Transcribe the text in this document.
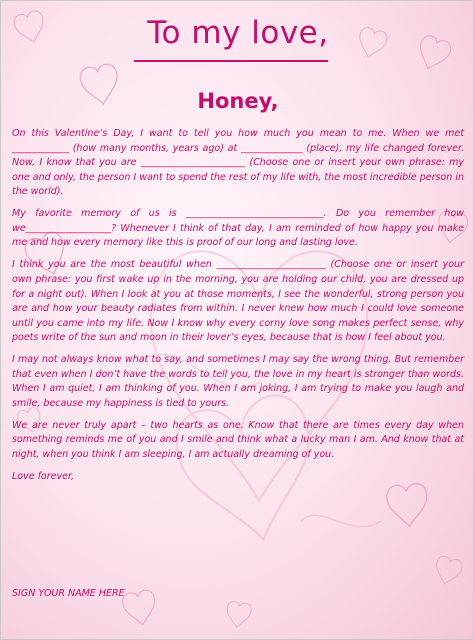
To my love,
Honey,

On this Valentine’s Day, I want to tell you how much you mean to me. When we met ____________ (how many months, years ago) at _____________ (place), my life changed forever. Now, I know that you are ______________________ (Choose one or insert your own phrase: my one and only, the person I want to spend the rest of my life with, the most incredible person in the world).

My favorite memory of us is _____________________________. Do you remember how we__________________? Whenever I think of that day, I am reminded of how happy you make me and how every memory like this is proof of our long and lasting love.

I think you are the most beautiful when _______________________ (Choose one or insert your own phrase: you first wake up in the morning, you are holding our child, you are dressed up for a night out). When I look at you at those moments, I see the wonderful, strong person you are and how your beauty radiates from within. I never knew how much I could love someone until you came into my life. Now I know why every corny love song makes perfect sense, why poets write of the sun and moon in their lover’s eyes, because that is how I feel about you.

I may not always know what to say, and sometimes I may say the wrong thing. But remember that even when I don’t have the words to tell you, the love in my heart is stronger than words. When I am quiet, I am thinking of you. When I am joking, I am trying to make you laugh and smile, because my happiness is tied to yours.

We are never truly apart – two hearts as one. Know that there are times every day when something reminds me of you and I smile and think what a lucky man I am. And know that at night, when you think I am sleeping, I am actually dreaming of you.

Love forever,

SIGN YOUR NAME HERE
